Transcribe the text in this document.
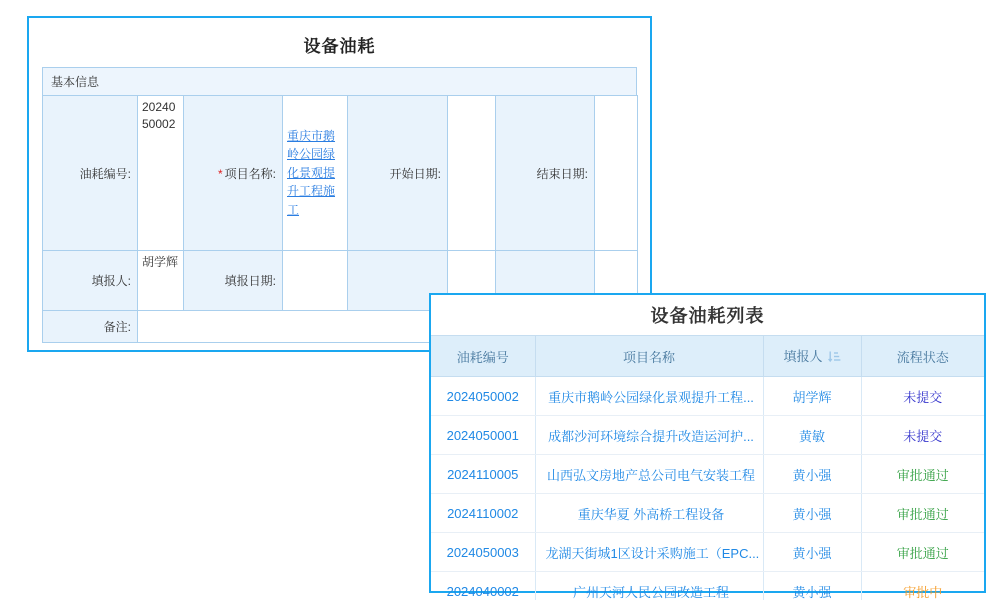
设备油耗
基本信息
油耗编号:	2024050002	* 项目名称:	重庆市鹅岭公园绿化景观提升工程施工	开始日期:		结束日期:	
填报人:	胡学辉	填报日期:					
备注:							
设备油耗列表
油耗编号	项目名称	填报人	流程状态
2024050002	重庆市鹅岭公园绿化景观提升工程...	胡学辉	未提交
2024050001	成都沙河环境综合提升改造运河护...	黄敏	未提交
2024110005	山西弘文房地产总公司电气安装工程	黄小强	审批通过
2024110002	重庆华夏 外高桥工程设备	黄小强	审批通过
2024050003	龙湖天街城1区设计采购施工（EPC...	黄小强	审批通过
2024040002	广州天河人民公园改造工程	黄小强	审批中
